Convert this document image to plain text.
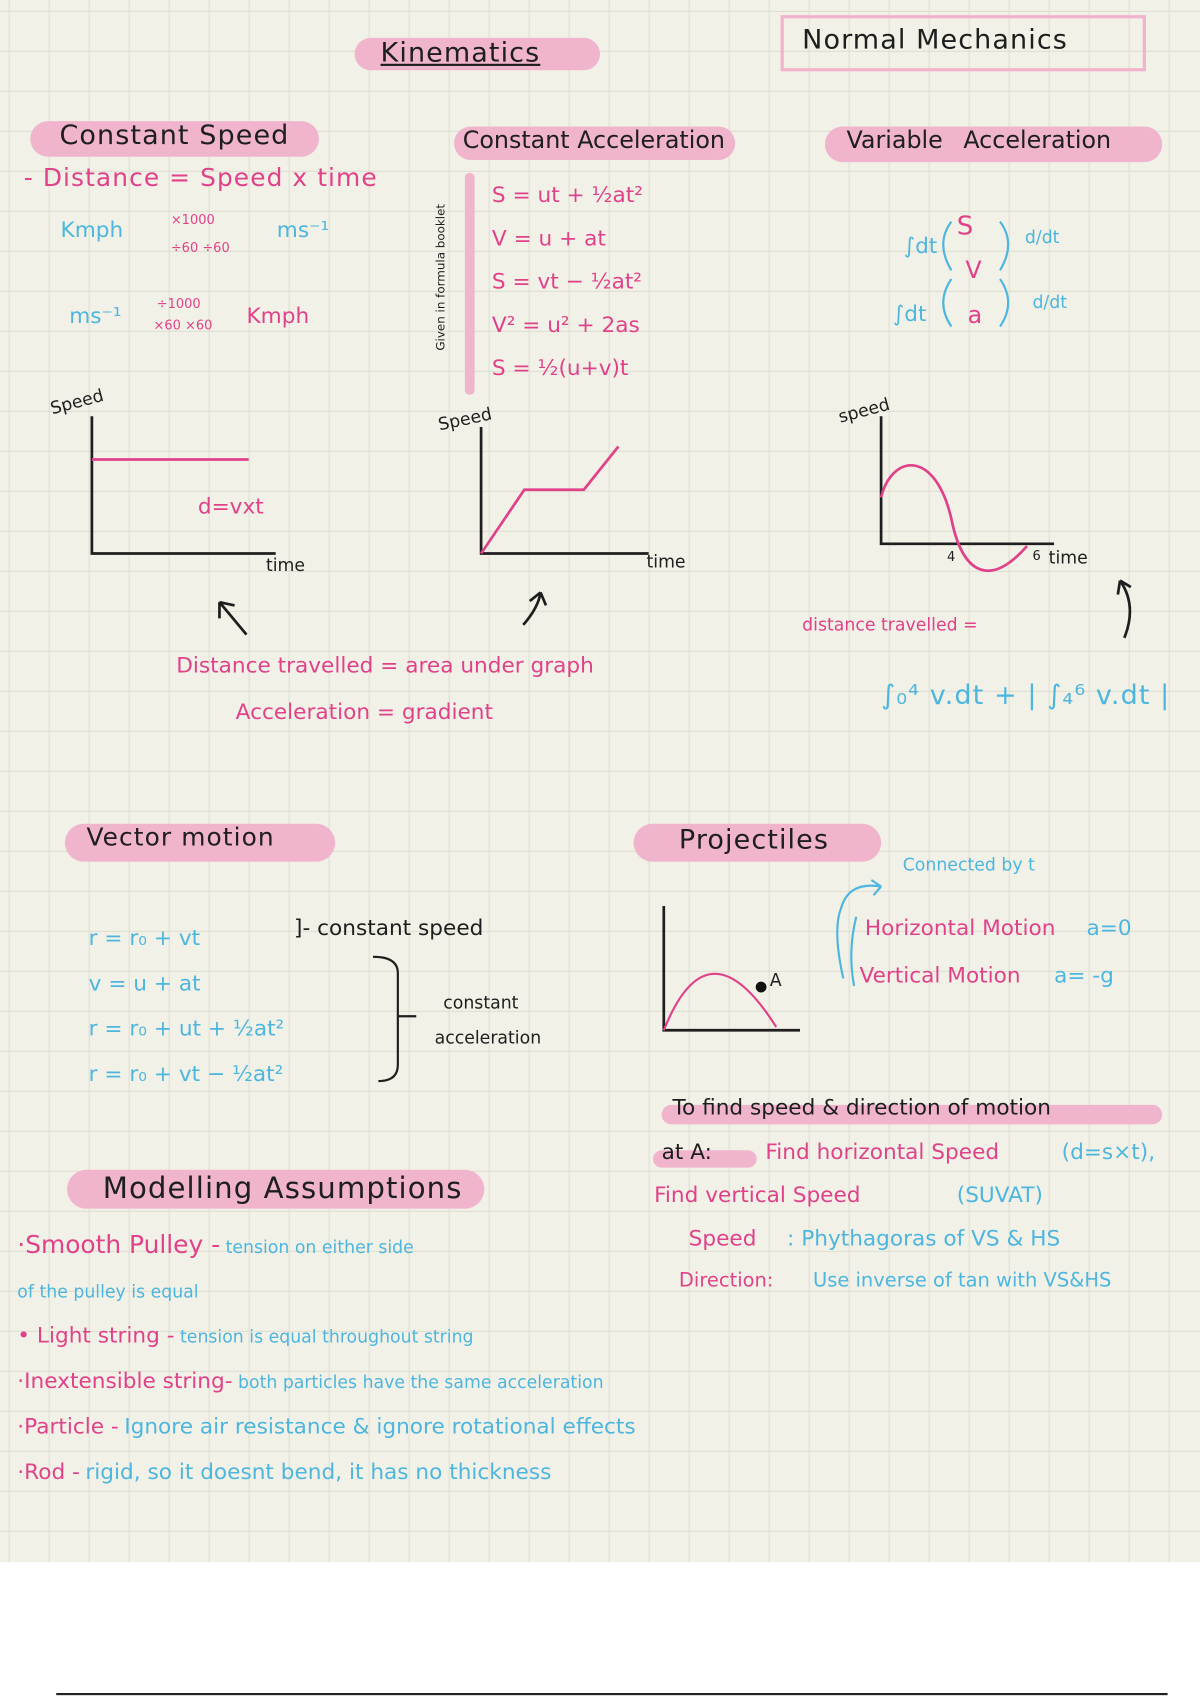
Kinematics	Normal Mechanics
Constant Speed
- Distance = Speed x time
Kmph	×1000
÷60 ÷60
ms⁻¹
ms⁻¹	÷1000
×60 ×60 Kmph
Constant Acceleration
Given in formula booklet
S = ut + ½at²
V = u + at
S = vt − ½at²
V² = u² + 2as
S = ½(u+v)t
Variable Acceleration
∫dt
∫dt
S
V
a
d/dt
d/dt
Speed
time
d=vxt
Speed
time
speed
4	6 time
Distance travelled = area under graph
Acceleration = gradient
distance travelled =
∫₀⁴ v.dt + | ∫₄⁶ v.dt |
Vector motion
r = r₀ + vt
v = u + at
r = r₀ + ut + ½at²
r = r₀ + vt − ½at²
]- constant speed
constant
acceleration
Projectiles
A
Connected by t
Horizontal Motion a=0
Vertical Motion a= -g
To find speed & direction of motion
at A:	Find horizontal Speed	(d=s×t),
Find vertical Speed	(SUVAT)
Speed : Phythagoras of VS & HS
Direction: Use inverse of tan with VS&HS
Modelling Assumptions
·Smooth Pulley - tension on either side
of the pulley is equal
• Light string - tension is equal throughout string
·Inextensible string- both particles have the same acceleration
·Particle - Ignore air resistance & ignore rotational effects
·Rod - rigid, so it doesnt bend, it has no thickness
